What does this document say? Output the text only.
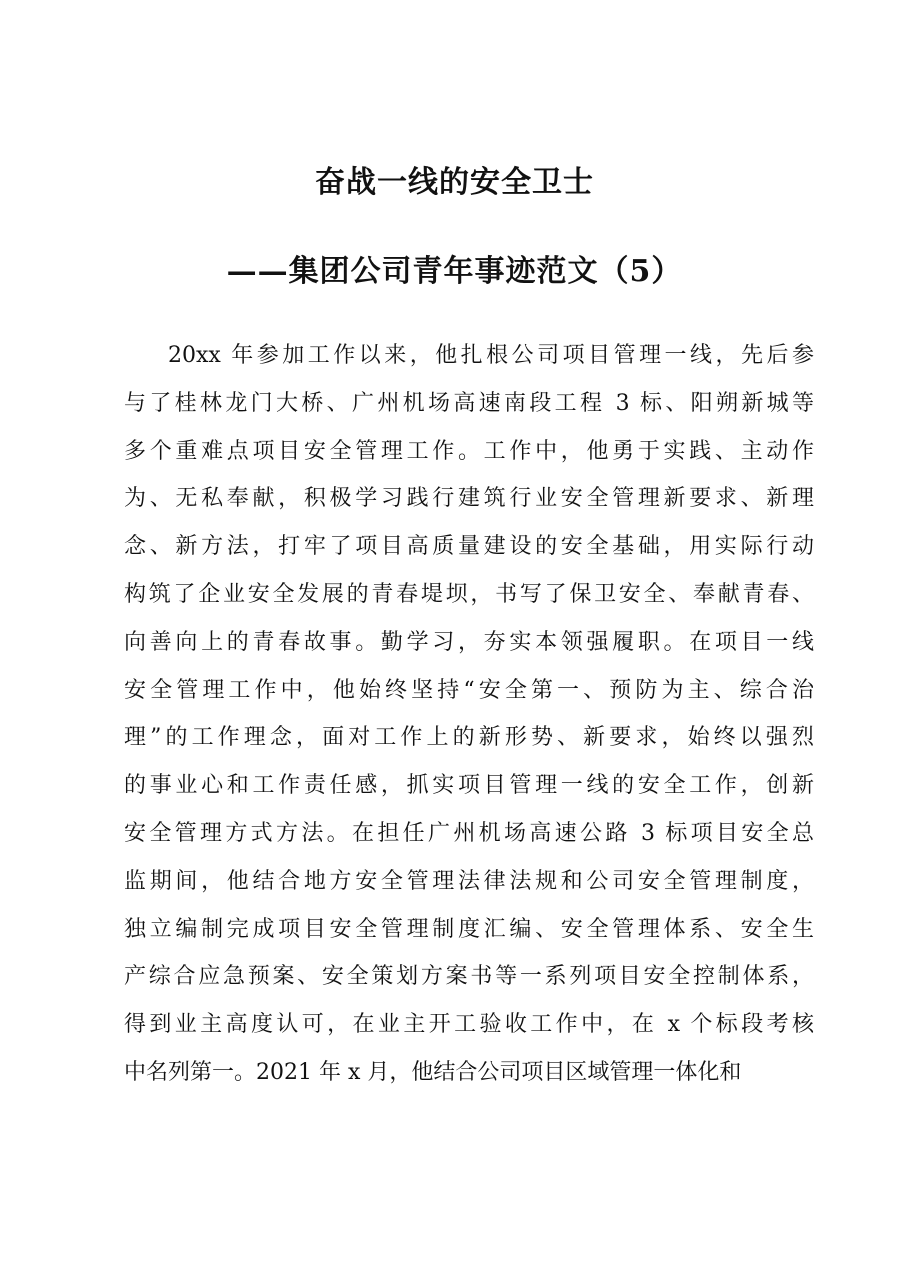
奋战一线的安全卫士
——集团公司青年事迹范文（5）
20xx 年参加工作以来，他扎根公司项目管理一线，先后参
与了桂林龙门大桥、广州机场高速南段工程 3 标、阳朔新城等
多个重难点项目安全管理工作。工作中，他勇于实践、主动作
为、无私奉献，积极学习践行建筑行业安全管理新要求、新理
念、新方法，打牢了项目高质量建设的安全基础，用实际行动
构筑了企业安全发展的青春堤坝，书写了保卫安全、奉献青春、
向善向上的青春故事。勤学习，夯实本领强履职。在项目一线
安全管理工作中，他始终坚持“安全第一、预防为主、综合治
理”的工作理念，面对工作上的新形势、新要求，始终以强烈
的事业心和工作责任感，抓实项目管理一线的安全工作，创新
安全管理方式方法。在担任广州机场高速公路 3 标项目安全总
监期间，他结合地方安全管理法律法规和公司安全管理制度，
独立编制完成项目安全管理制度汇编、安全管理体系、安全生
产综合应急预案、安全策划方案书等一系列项目安全控制体系，
得到业主高度认可，在业主开工验收工作中，在 x 个标段考核
中名列第一。2021 年 x 月，他结合公司项目区域管理一体化和
